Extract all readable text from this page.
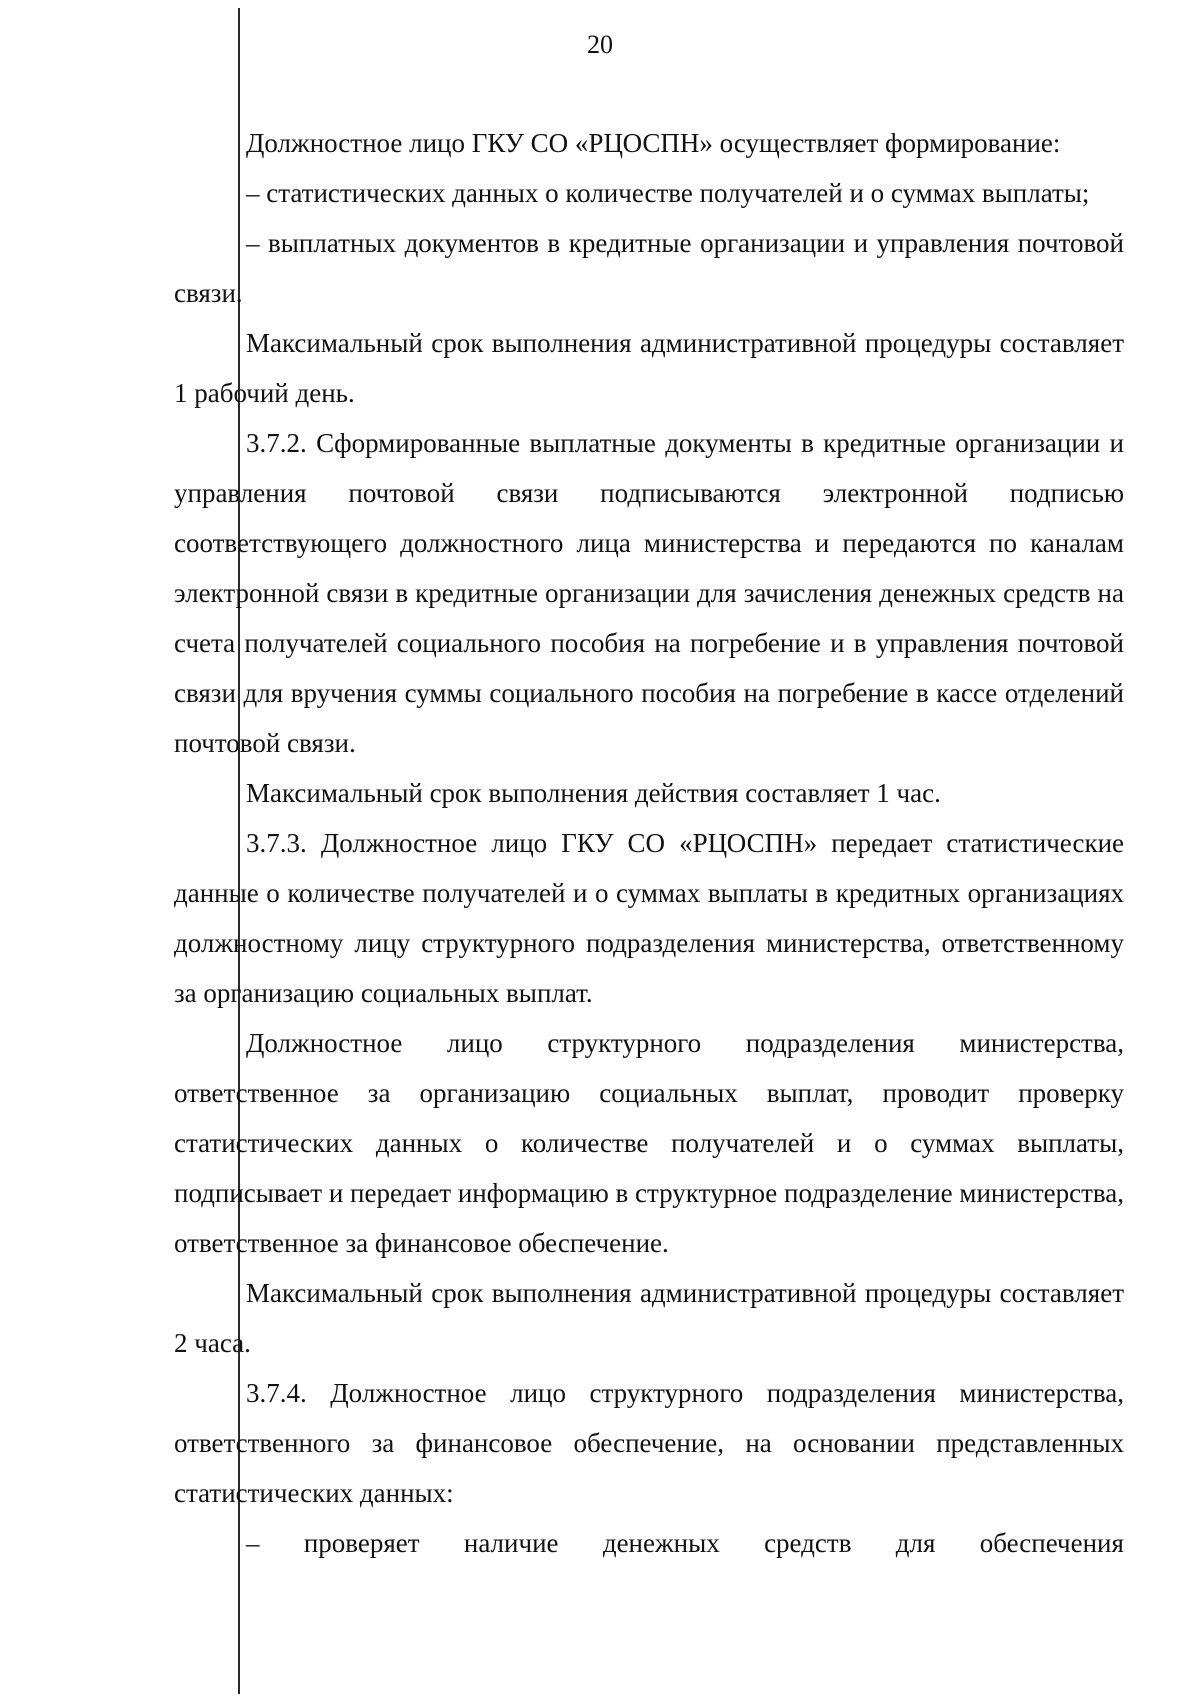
20

Должностное лицо ГКУ СО «РЦОСПН» осуществляет формирование:

– статистических данных о количестве получателей и о суммах выплаты;

– выплатных документов в кредитные организации и управления почтовой связи.

Максимальный срок выполнения административной процедуры составляет 1 рабочий день.

3.7.2. Сформированные выплатные документы в кредитные организации и управления почтовой связи подписываются электронной подписью соответствующего должностного лица министерства и передаются по каналам электронной связи в кредитные организации для зачисления денежных средств на счета получателей социального пособия на погребение и в управления почтовой связи для вручения суммы социального пособия на погребение в кассе отделений почтовой связи.

Максимальный срок выполнения действия составляет 1 час.

3.7.3. Должностное лицо ГКУ СО «РЦОСПН» передает статистические данные о количестве получателей и о суммах выплаты в кредитных организациях должностному лицу структурного подразделения министерства, ответственному за организацию социальных выплат.

Должностное лицо структурного подразделения министерства, ответственное за организацию социальных выплат, проводит проверку статистических данных о количестве получателей и о суммах выплаты, подписывает и передает информацию в структурное подразделение министерства, ответственное за финансовое обеспечение.

Максимальный срок выполнения административной процедуры составляет 2 часа.

3.7.4. Должностное лицо структурного подразделения министерства, ответственного за финансовое обеспечение, на основании представленных статистических данных:

– проверяет наличие денежных средств для обеспечения
